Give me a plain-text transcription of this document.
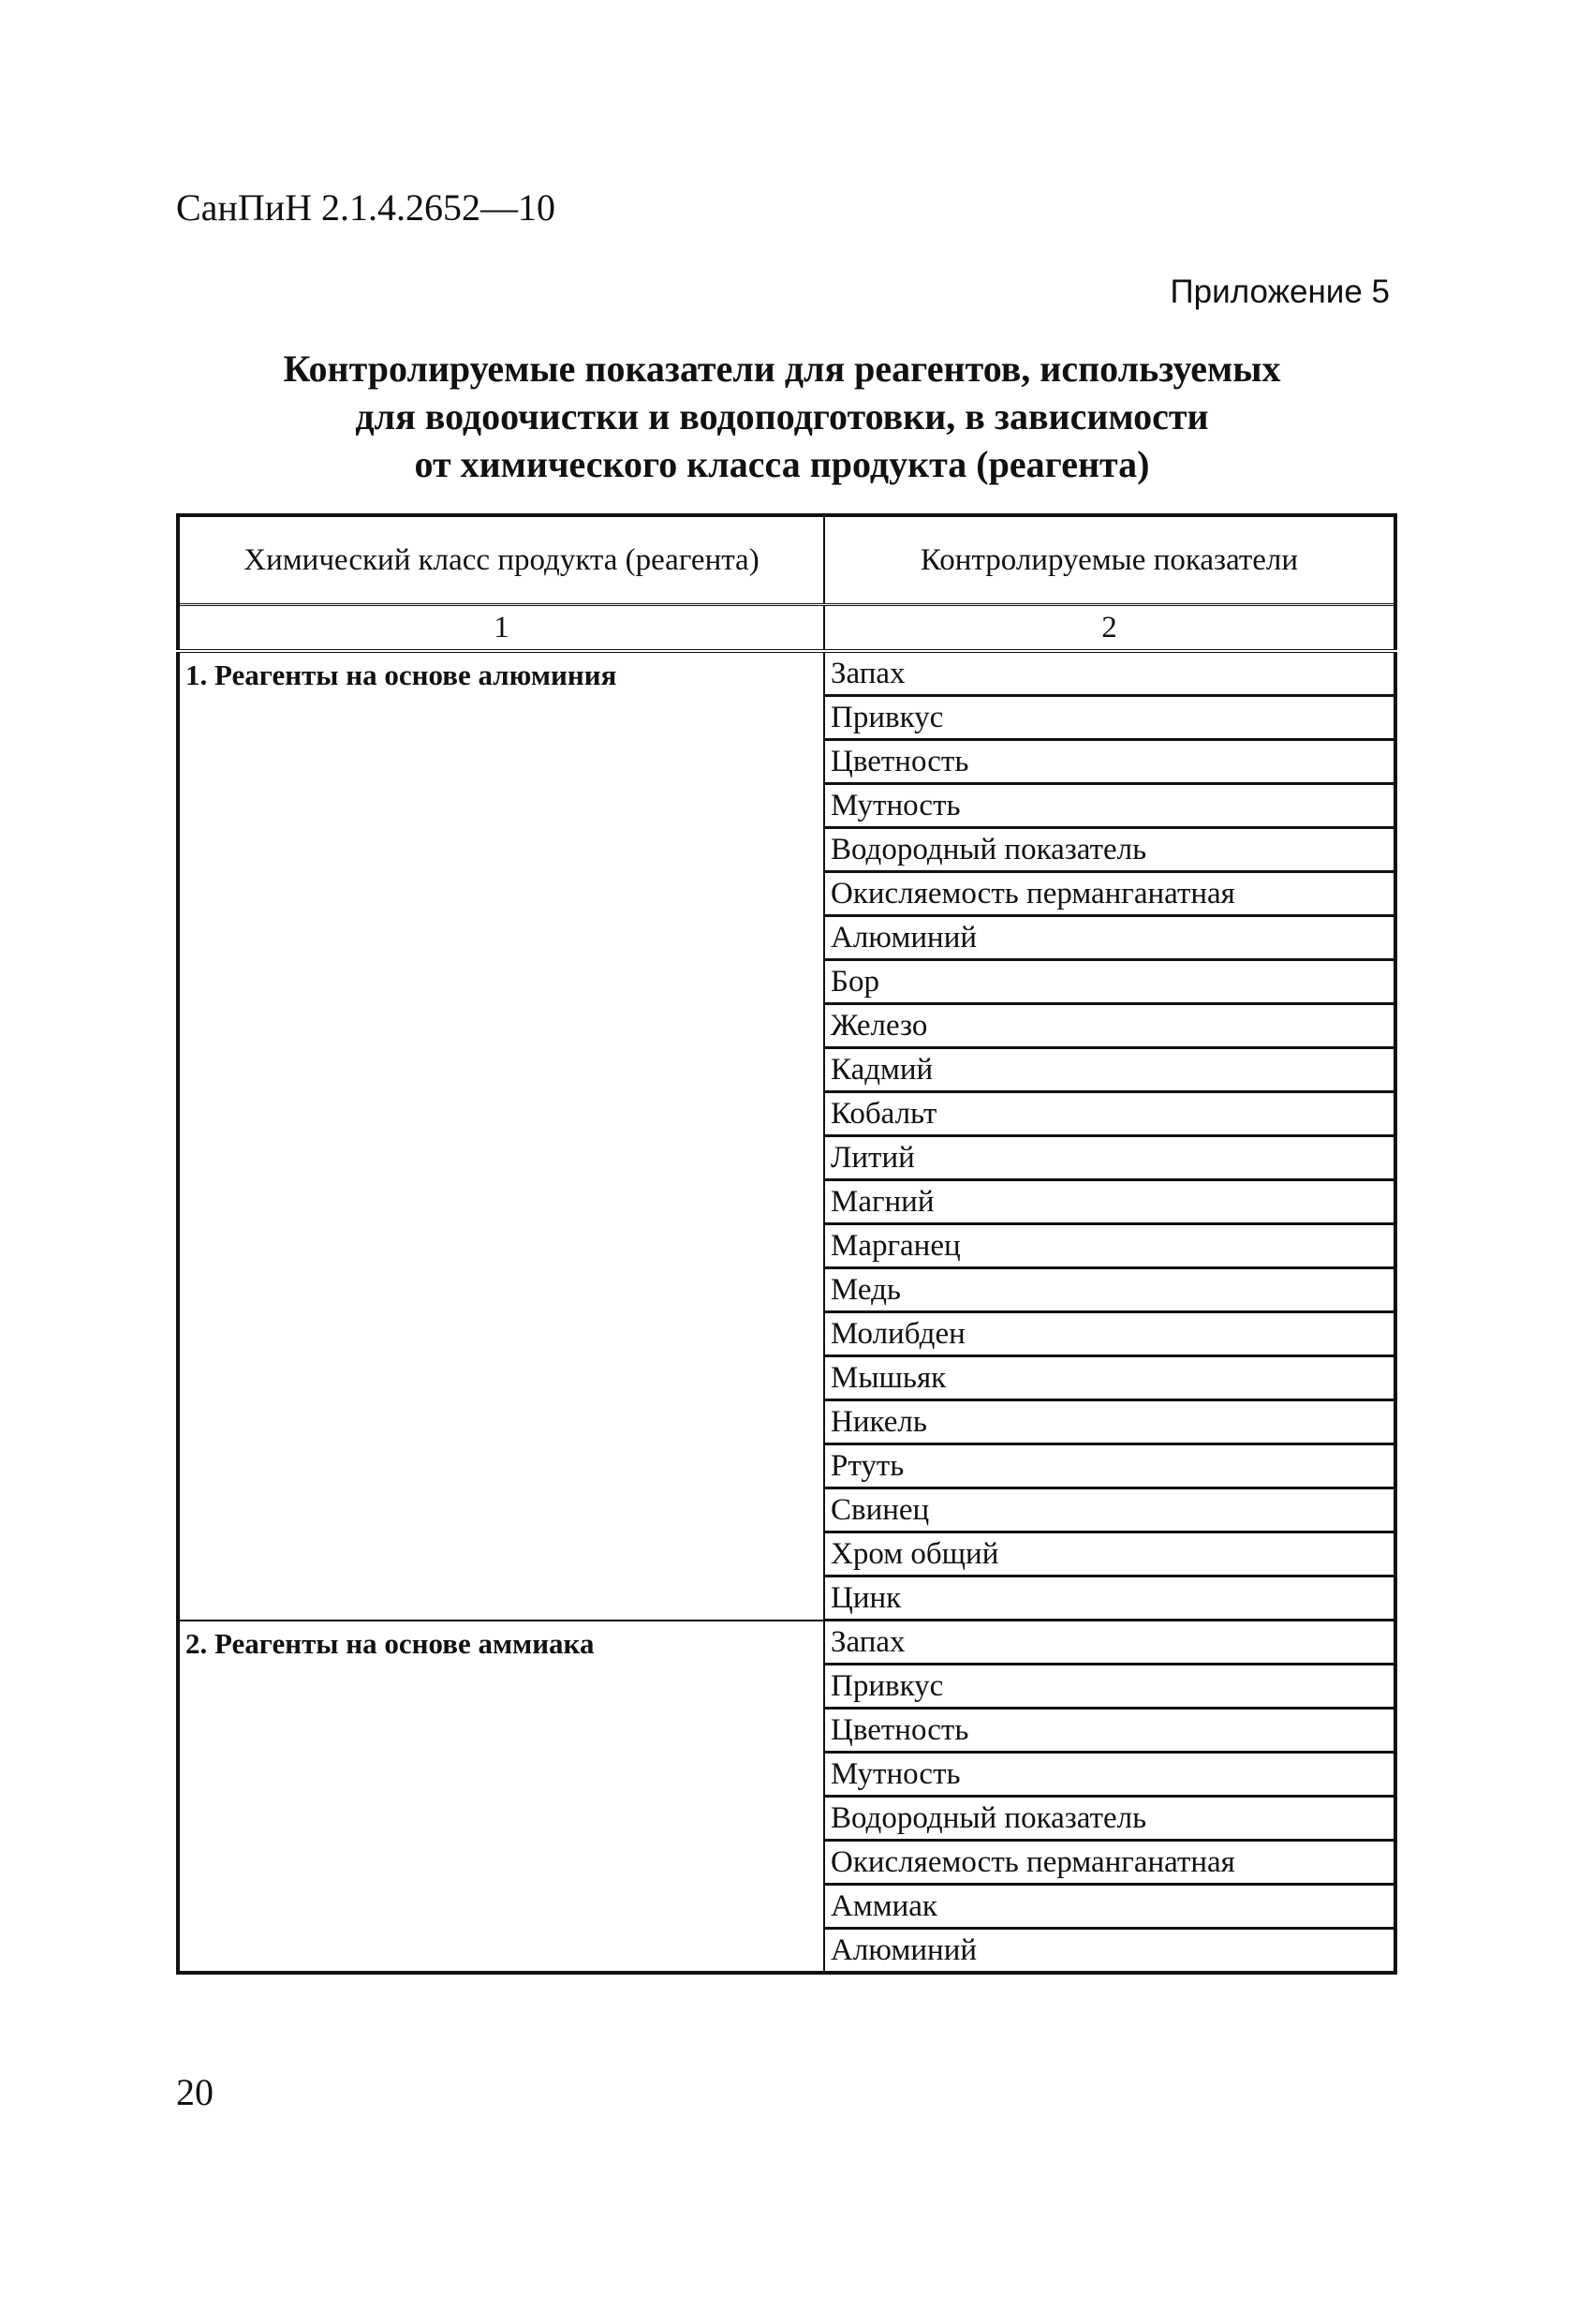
СанПиН 2.1.4.2652—10
Приложение 5
Контролируемые показатели для реагентов, используемых
для водоочистки и водоподготовки, в зависимости
от химического класса продукта (реагента)
Химический класс продукта (реагента)	Контролируемые показатели
1	2
1. Реагенты на основе алюминия	Запах
	Привкус
	Цветность
	Мутность
	Водородный показатель
	Окисляемость перманганатная
	Алюминий
	Бор
	Железо
	Кадмий
	Кобальт
	Литий
	Магний
	Марганец
	Медь
	Молибден
	Мышьяк
	Никель
	Ртуть
	Свинец
	Хром общий
	Цинк
2. Реагенты на основе аммиака	Запах
	Привкус
	Цветность
	Мутность
	Водородный показатель
	Окисляемость перманганатная
	Аммиак
	Алюминий
20
